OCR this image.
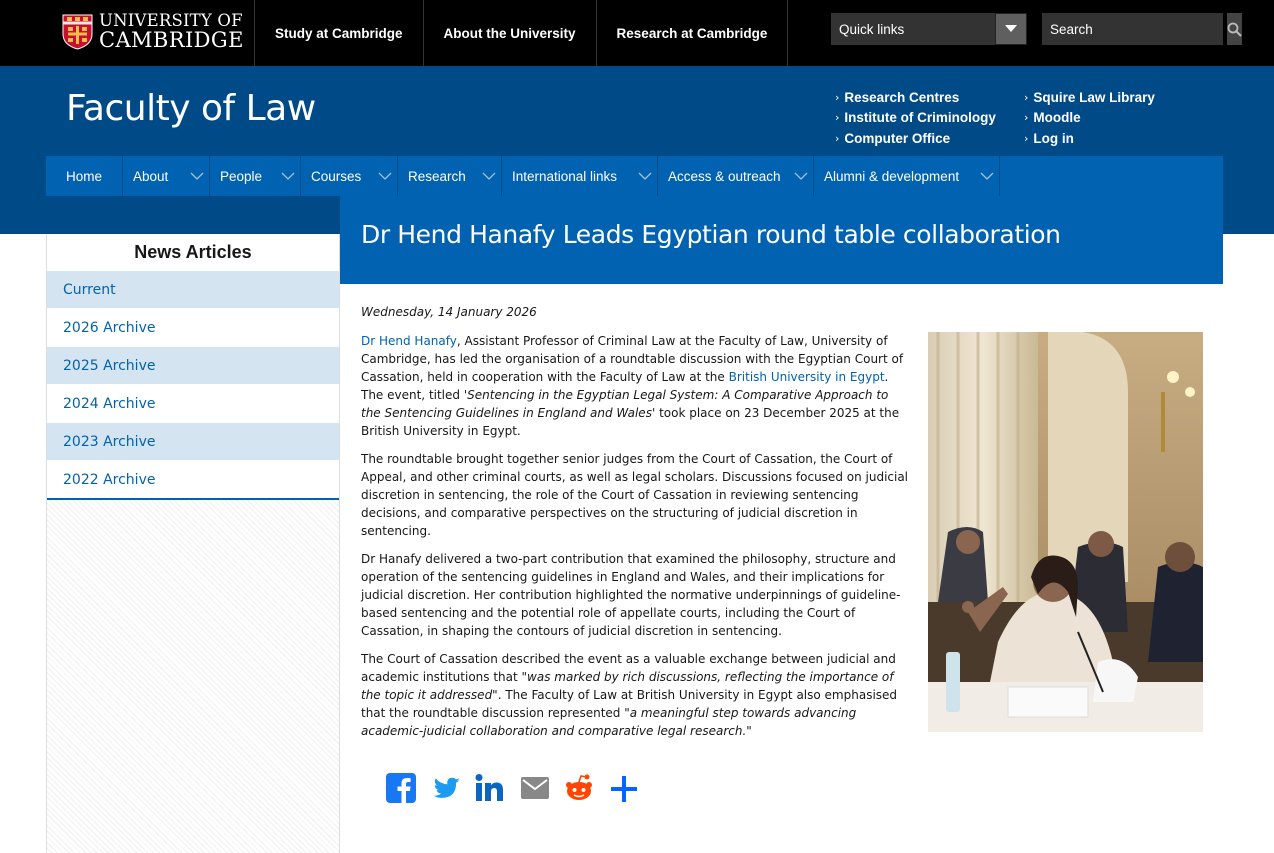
UNIVERSITY OF
CAMBRIDGE	Study at Cambridge	About the University	Research at Cambridge	Quick links
Search
Faculty of Law	› Research Centres
› Institute of Criminology
› Computer Office
› Squire Law Library
› Moodle
› Log in
Home	About	People	Courses	Research	International links	Access & outreach	Alumni & development
News Articles
Current
2026 Archive
2025 Archive
2024 Archive
2023 Archive
2022 Archive
Dr Hend Hanafy Leads Egyptian round table collaboration
Wednesday, 14 January 2026

Dr Hend Hanafy, Assistant Professor of Criminal Law at the Faculty of Law, University of Cambridge, has led the organisation of a roundtable discussion with the Egyptian Court of Cassation, held in cooperation with the Faculty of Law at the British University in Egypt. The event, titled 'Sentencing in the Egyptian Legal System: A Comparative Approach to the Sentencing Guidelines in England and Wales' took place on 23 December 2025 at the British University in Egypt.

The roundtable brought together senior judges from the Court of Cassation, the Court of Appeal, and other criminal courts, as well as legal scholars. Discussions focused on judicial discretion in sentencing, the role of the Court of Cassation in reviewing sentencing decisions, and comparative perspectives on the structuring of judicial discretion in sentencing.

Dr Hanafy delivered a two-part contribution that examined the philosophy, structure and operation of the sentencing guidelines in England and Wales, and their implications for judicial discretion. Her contribution highlighted the normative underpinnings of guideline-based sentencing and the potential role of appellate courts, including the Court of Cassation, in shaping the contours of judicial discretion in sentencing.

The Court of Cassation described the event as a valuable exchange between judicial and academic institutions that "was marked by rich discussions, reflecting the importance of the topic it addressed". The Faculty of Law at British University in Egypt also emphasised that the roundtable discussion represented "a meaningful step towards advancing academic-judicial collaboration and comparative legal research."
